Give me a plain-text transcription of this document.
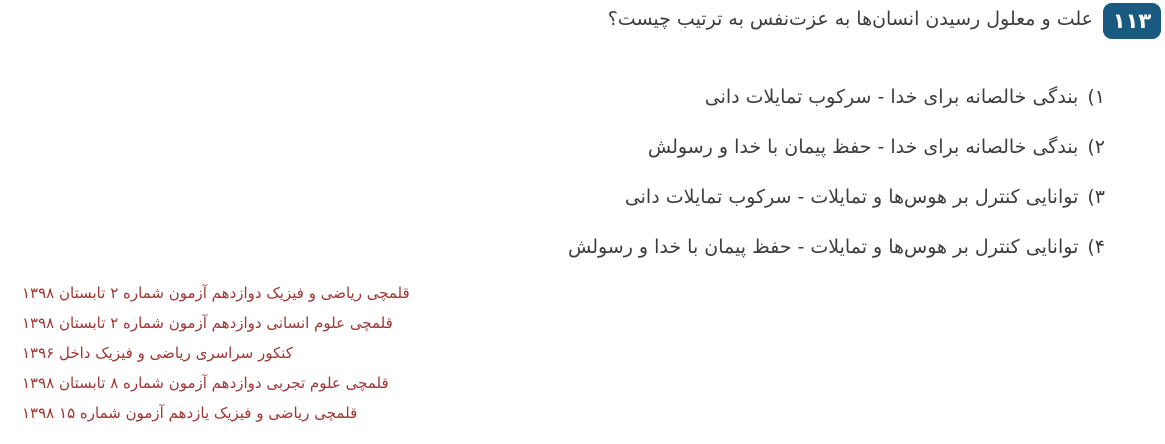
۱۱۳
علت و معلول رسیدن انسان‌ها به عزت‌نفس به ترتیب چیست؟
۱)
بندگی خالصانه برای خدا - سرکوب تمایلات دانی
۲)
بندگی خالصانه برای خدا - حفظ پیمان با خدا و رسولش
۳)
توانایی کنترل بر هوس‌ها و تمایلات - سرکوب تمایلات دانی
۴)
توانایی کنترل بر هوس‌ها و تمایلات - حفظ پیمان با خدا و رسولش
قلمچی ریاضی و فیزیک دوازدهم آزمون شماره ۲ تابستان ۱۳۹۸
قلمچی علوم انسانی دوازدهم آزمون شماره ۲ تابستان ۱۳۹۸
کنکور سراسری ریاضی و فیزیک داخل ۱۳۹۶
قلمچی علوم تجربی دوازدهم آزمون شماره ۸ تابستان ۱۳۹۸
قلمچی ریاضی و فیزیک یازدهم آزمون شماره ۱۵ ۱۳۹۸
